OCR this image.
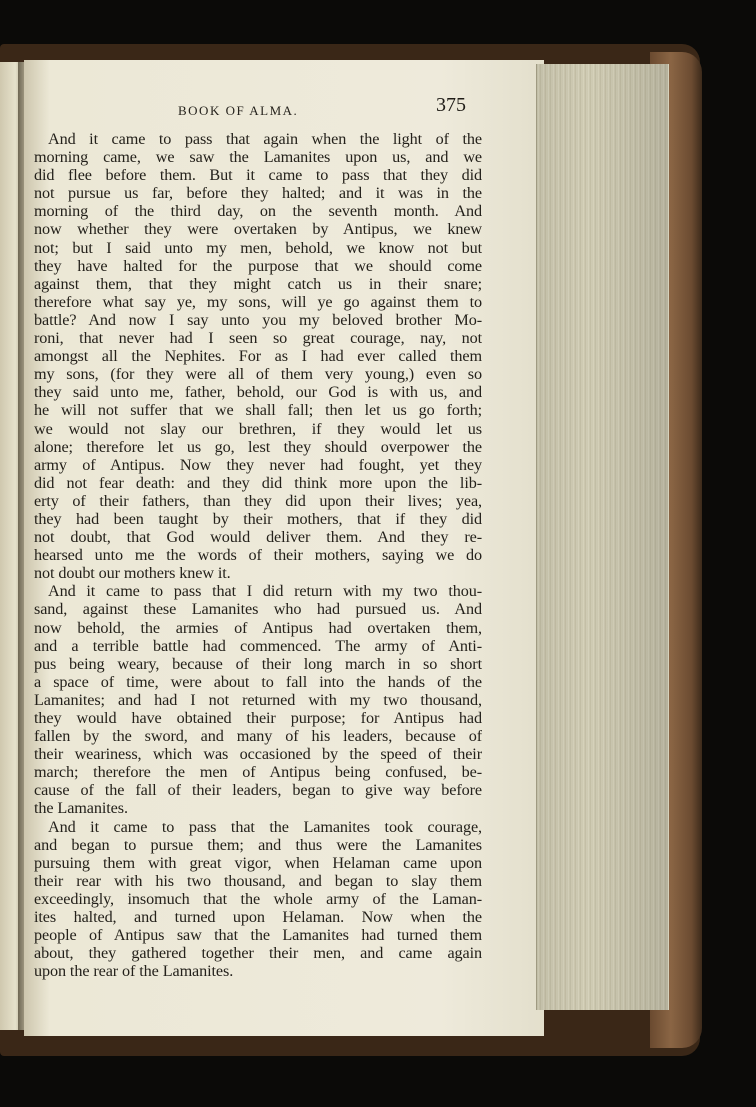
BOOK OF ALMA.	375
And it came to pass that again when the light of the
morning came, we saw the Lamanites upon us, and we
did flee before them. But it came to pass that they did
not pursue us far, before they halted; and it was in the
morning of the third day, on the seventh month. And
now whether they were overtaken by Antipus, we knew
not; but I said unto my men, behold, we know not but
they have halted for the purpose that we should come
against them, that they might catch us in their snare;
therefore what say ye, my sons, will ye go against them to
battle? And now I say unto you my beloved brother Mo-
roni, that never had I seen so great courage, nay, not
amongst all the Nephites. For as I had ever called them
my sons, (for they were all of them very young,) even so
they said unto me, father, behold, our God is with us, and
he will not suffer that we shall fall; then let us go forth;
we would not slay our brethren, if they would let us
alone; therefore let us go, lest they should overpower the
army of Antipus. Now they never had fought, yet they
did not fear death: and they did think more upon the lib-
erty of their fathers, than they did upon their lives; yea,
they had been taught by their mothers, that if they did
not doubt, that God would deliver them. And they re-
hearsed unto me the words of their mothers, saying we do
not doubt our mothers knew it.
And it came to pass that I did return with my two thou-
sand, against these Lamanites who had pursued us. And
now behold, the armies of Antipus had overtaken them,
and a terrible battle had commenced. The army of Anti-
pus being weary, because of their long march in so short
a space of time, were about to fall into the hands of the
Lamanites; and had I not returned with my two thousand,
they would have obtained their purpose; for Antipus had
fallen by the sword, and many of his leaders, because of
their weariness, which was occasioned by the speed of their
march; therefore the men of Antipus being confused, be-
cause of the fall of their leaders, began to give way before
the Lamanites.
And it came to pass that the Lamanites took courage,
and began to pursue them; and thus were the Lamanites
pursuing them with great vigor, when Helaman came upon
their rear with his two thousand, and began to slay them
exceedingly, insomuch that the whole army of the Laman-
ites halted, and turned upon Helaman. Now when the
people of Antipus saw that the Lamanites had turned them
about, they gathered together their men, and came again
upon the rear of the Lamanites.
